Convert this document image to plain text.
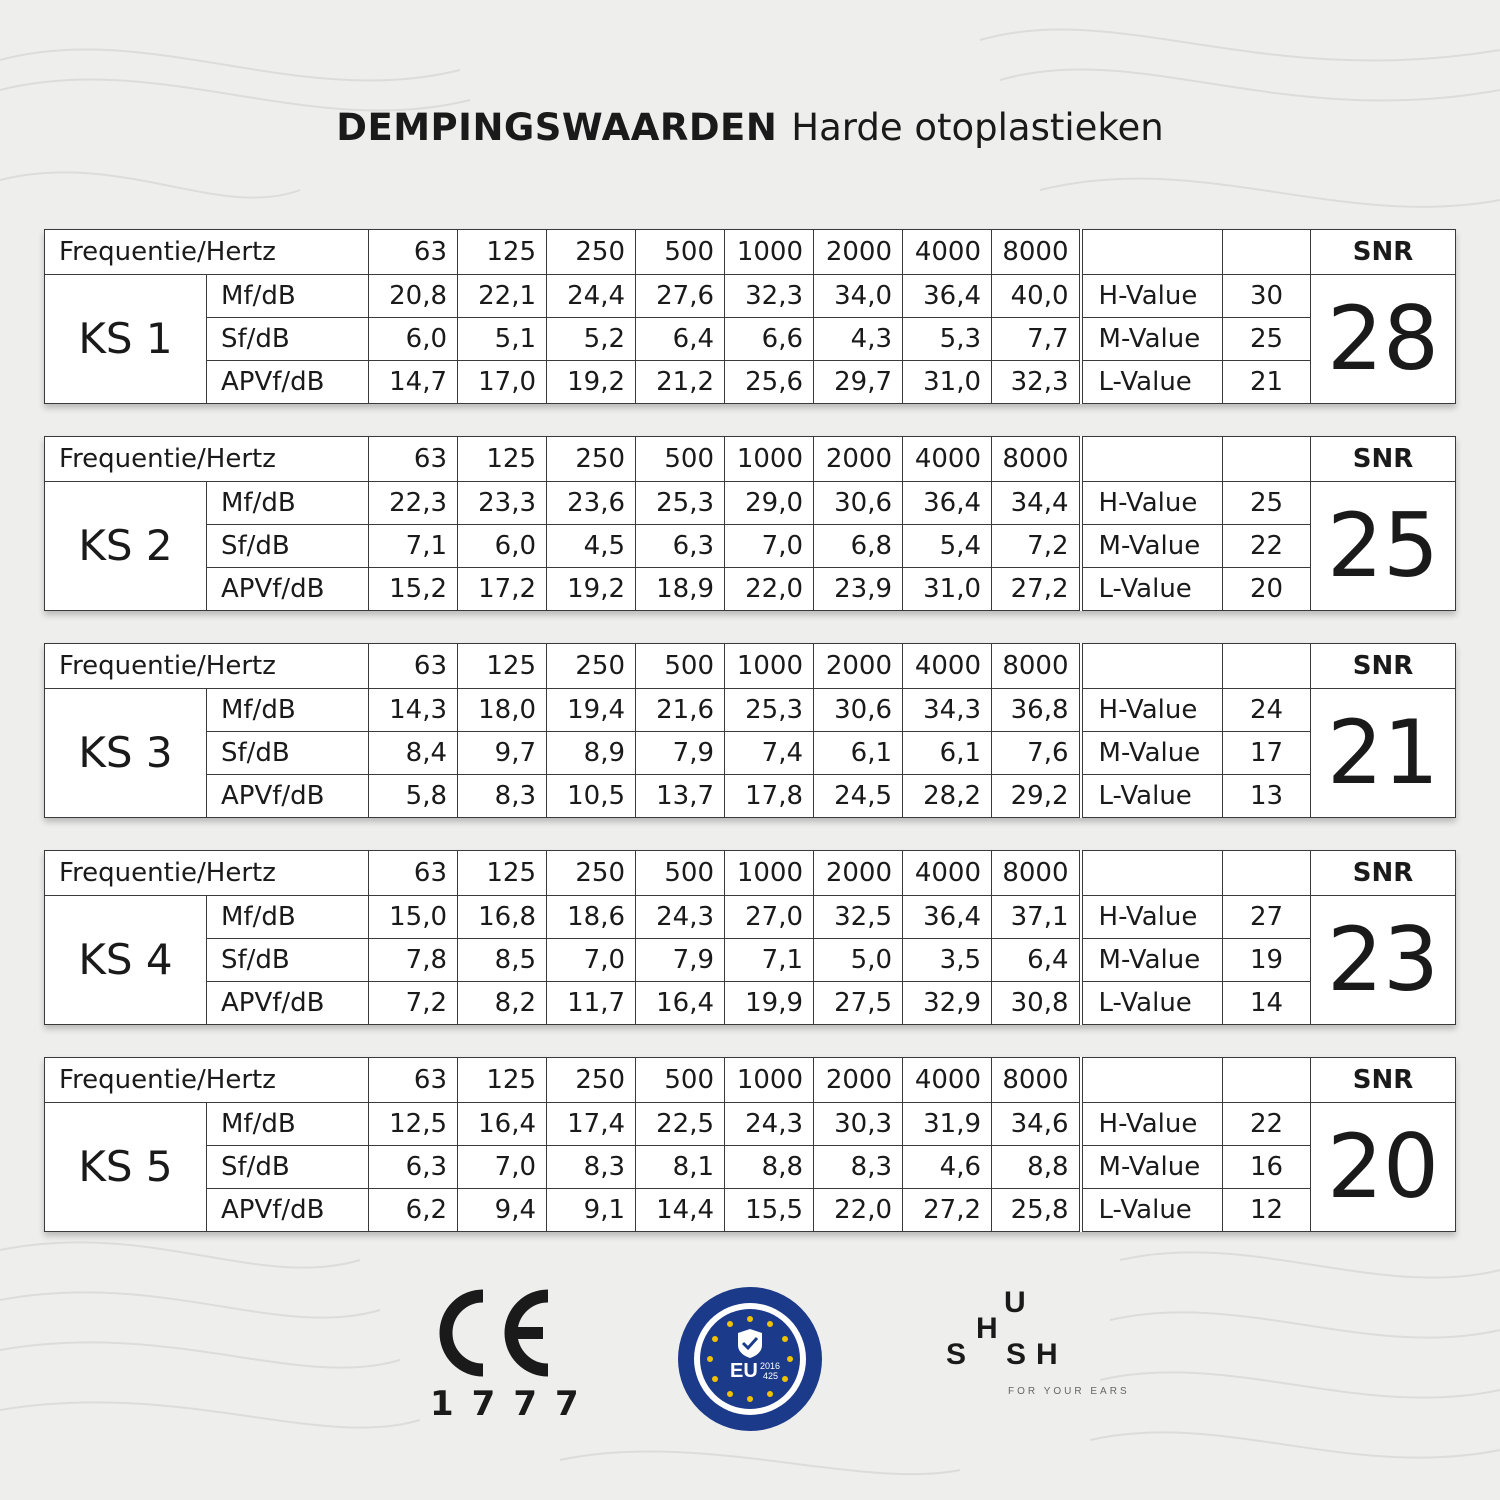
DEMPINGSWAARDEN Harde otoplastieken
Frequentie/Hertz		63	125	250	500	1000	2000	4000	8000			SNR
KS 1	Mf/dB	20,8	22,1	24,4	27,6	32,3	34,0	36,4	40,0	H-Value	30	28
	Sf/dB	6,0	5,1	5,2	6,4	6,6	4,3	5,3	7,7	M-Value	25	
	APVf/dB	14,7	17,0	19,2	21,2	25,6	29,7	31,0	32,3	L-Value	21	
Frequentie/Hertz		63	125	250	500	1000	2000	4000	8000			SNR
KS 2	Mf/dB	22,3	23,3	23,6	25,3	29,0	30,6	36,4	34,4	H-Value	25	25
	Sf/dB	7,1	6,0	4,5	6,3	7,0	6,8	5,4	7,2	M-Value	22	
	APVf/dB	15,2	17,2	19,2	18,9	22,0	23,9	31,0	27,2	L-Value	20	
Frequentie/Hertz		63	125	250	500	1000	2000	4000	8000			SNR
KS 3	Mf/dB	14,3	18,0	19,4	21,6	25,3	30,6	34,3	36,8	H-Value	24	21
	Sf/dB	8,4	9,7	8,9	7,9	7,4	6,1	6,1	7,6	M-Value	17	
	APVf/dB	5,8	8,3	10,5	13,7	17,8	24,5	28,2	29,2	L-Value	13	
Frequentie/Hertz		63	125	250	500	1000	2000	4000	8000			SNR
KS 4	Mf/dB	15,0	16,8	18,6	24,3	27,0	32,5	36,4	37,1	H-Value	27	23
	Sf/dB	7,8	8,5	7,0	7,9	7,1	5,0	3,5	6,4	M-Value	19	
	APVf/dB	7,2	8,2	11,7	16,4	19,9	27,5	32,9	30,8	L-Value	14	
Frequentie/Hertz		63	125	250	500	1000	2000	4000	8000			SNR
KS 5	Mf/dB	12,5	16,4	17,4	22,5	24,3	30,3	31,9	34,6	H-Value	22	20
	Sf/dB	6,3	7,0	8,3	8,1	8,8	8,3	4,6	8,8	M-Value	16	
	APVf/dB	6,2	9,4	9,1	14,4	15,5	22,0	27,2	25,8	L-Value	12	
1777
EU 2016
425
S
H
U
S H
FOR YOUR EARS
